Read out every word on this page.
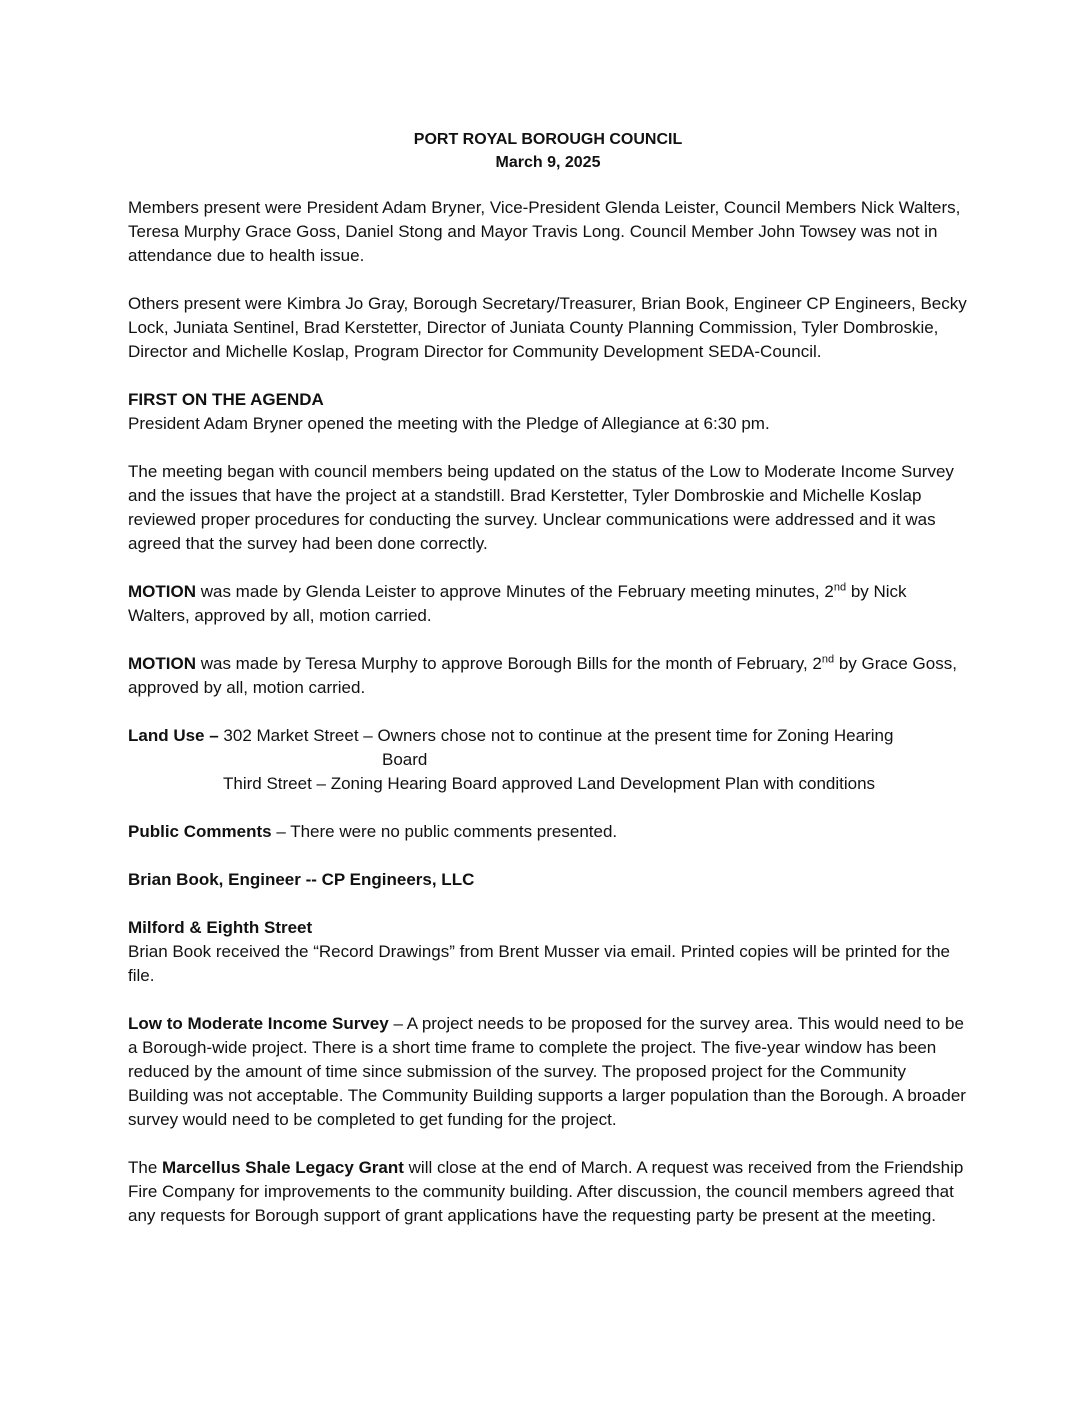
PORT ROYAL BOROUGH COUNCIL
March 9, 2025

Members present were President Adam Bryner, Vice-President Glenda Leister, Council Members Nick Walters, Teresa Murphy Grace Goss, Daniel Stong and Mayor Travis Long. Council Member John Towsey was not in attendance due to health issue.

Others present were Kimbra Jo Gray, Borough Secretary/Treasurer, Brian Book, Engineer CP Engineers, Becky Lock, Juniata Sentinel, Brad Kerstetter, Director of Juniata County Planning Commission, Tyler Dombroskie, Director and Michelle Koslap, Program Director for Community Development SEDA-Council.

FIRST ON THE AGENDA
President Adam Bryner opened the meeting with the Pledge of Allegiance at 6:30 pm.

The meeting began with council members being updated on the status of the Low to Moderate Income Survey and the issues that have the project at a standstill. Brad Kerstetter, Tyler Dombroskie and Michelle Koslap reviewed proper procedures for conducting the survey. Unclear communications were addressed and it was agreed that the survey had been done correctly.

MOTION was made by Glenda Leister to approve Minutes of the February meeting minutes, 2nd by Nick Walters, approved by all, motion carried.

MOTION was made by Teresa Murphy to approve Borough Bills for the month of February, 2nd by Grace Goss, approved by all, motion carried.

Land Use – 302 Market Street – Owners chose not to continue at the present time for Zoning Hearing
Board
Third Street – Zoning Hearing Board approved Land Development Plan with conditions

Public Comments – There were no public comments presented.

Brian Book, Engineer -- CP Engineers, LLC

Milford & Eighth Street
Brian Book received the “Record Drawings” from Brent Musser via email. Printed copies will be printed for the file.

Low to Moderate Income Survey – A project needs to be proposed for the survey area. This would need to be a Borough-wide project. There is a short time frame to complete the project. The five-year window has been reduced by the amount of time since submission of the survey. The proposed project for the Community Building was not acceptable. The Community Building supports a larger population than the Borough. A broader survey would need to be completed to get funding for the project.

The Marcellus Shale Legacy Grant will close at the end of March. A request was received from the Friendship Fire Company for improvements to the community building. After discussion, the council members agreed that any requests for Borough support of grant applications have the requesting party be present at the meeting.
